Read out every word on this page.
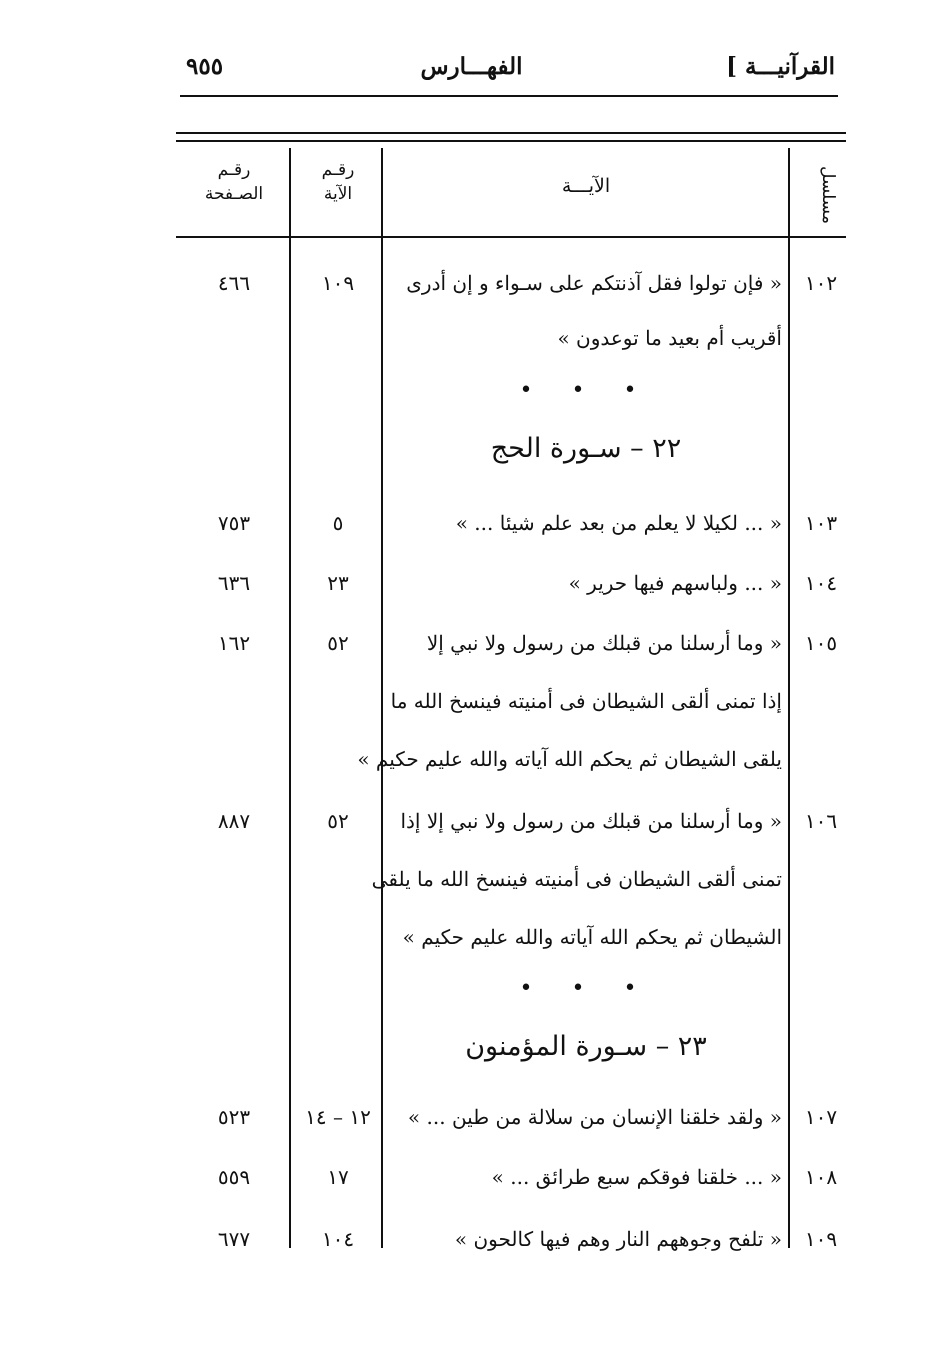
القرآنيـــة ]
الفهـــارس
٩٥٥
مسلسل
الآيـــة
رقـم الآية
رقـم الصـفحة
١٠٢
« فإن تولوا فقل آذنتكم على سـواء و إن أدرى
أقريب أم بعيد ما توعدون »
١٠٩
٤٦٦
• • •
٢٢ – سـورة الحج
١٠٣
« ... لكيلا لا يعلم من بعد علم شيئا ... »
٥
٧٥٣
١٠٤
« ... ولباسهم فيها حرير »
٢٣
٦٣٦
١٠٥
« وما أرسلنا من قبلك من رسول ولا نبي إلا
إذا تمنى ألقى الشيطان فى أمنيته فينسخ الله ما
يلقى الشيطان ثم يحكم الله آياته والله عليم حكيم »
٥٢
١٦٢
١٠٦
« وما أرسلنا من قبلك من رسول ولا نبي إلا إذا
تمنى ألقى الشيطان فى أمنيته فينسخ الله ما يلقى
الشيطان ثم يحكم الله آياته والله عليم حكيم »
٥٢
٨٨٧
• • •
٢٣ – سـورة المؤمنون
١٠٧
« ولقد خلقنا الإنسان من سلالة من طين ... »
١٢ – ١٤
٥٢٣
١٠٨
« ... خلقنا فوقكم سبع طرائق ... »
١٧
٥٥٩
١٠٩
« تلفح وجوههم النار وهم فيها كالحون »
١٠٤
٦٧٧
